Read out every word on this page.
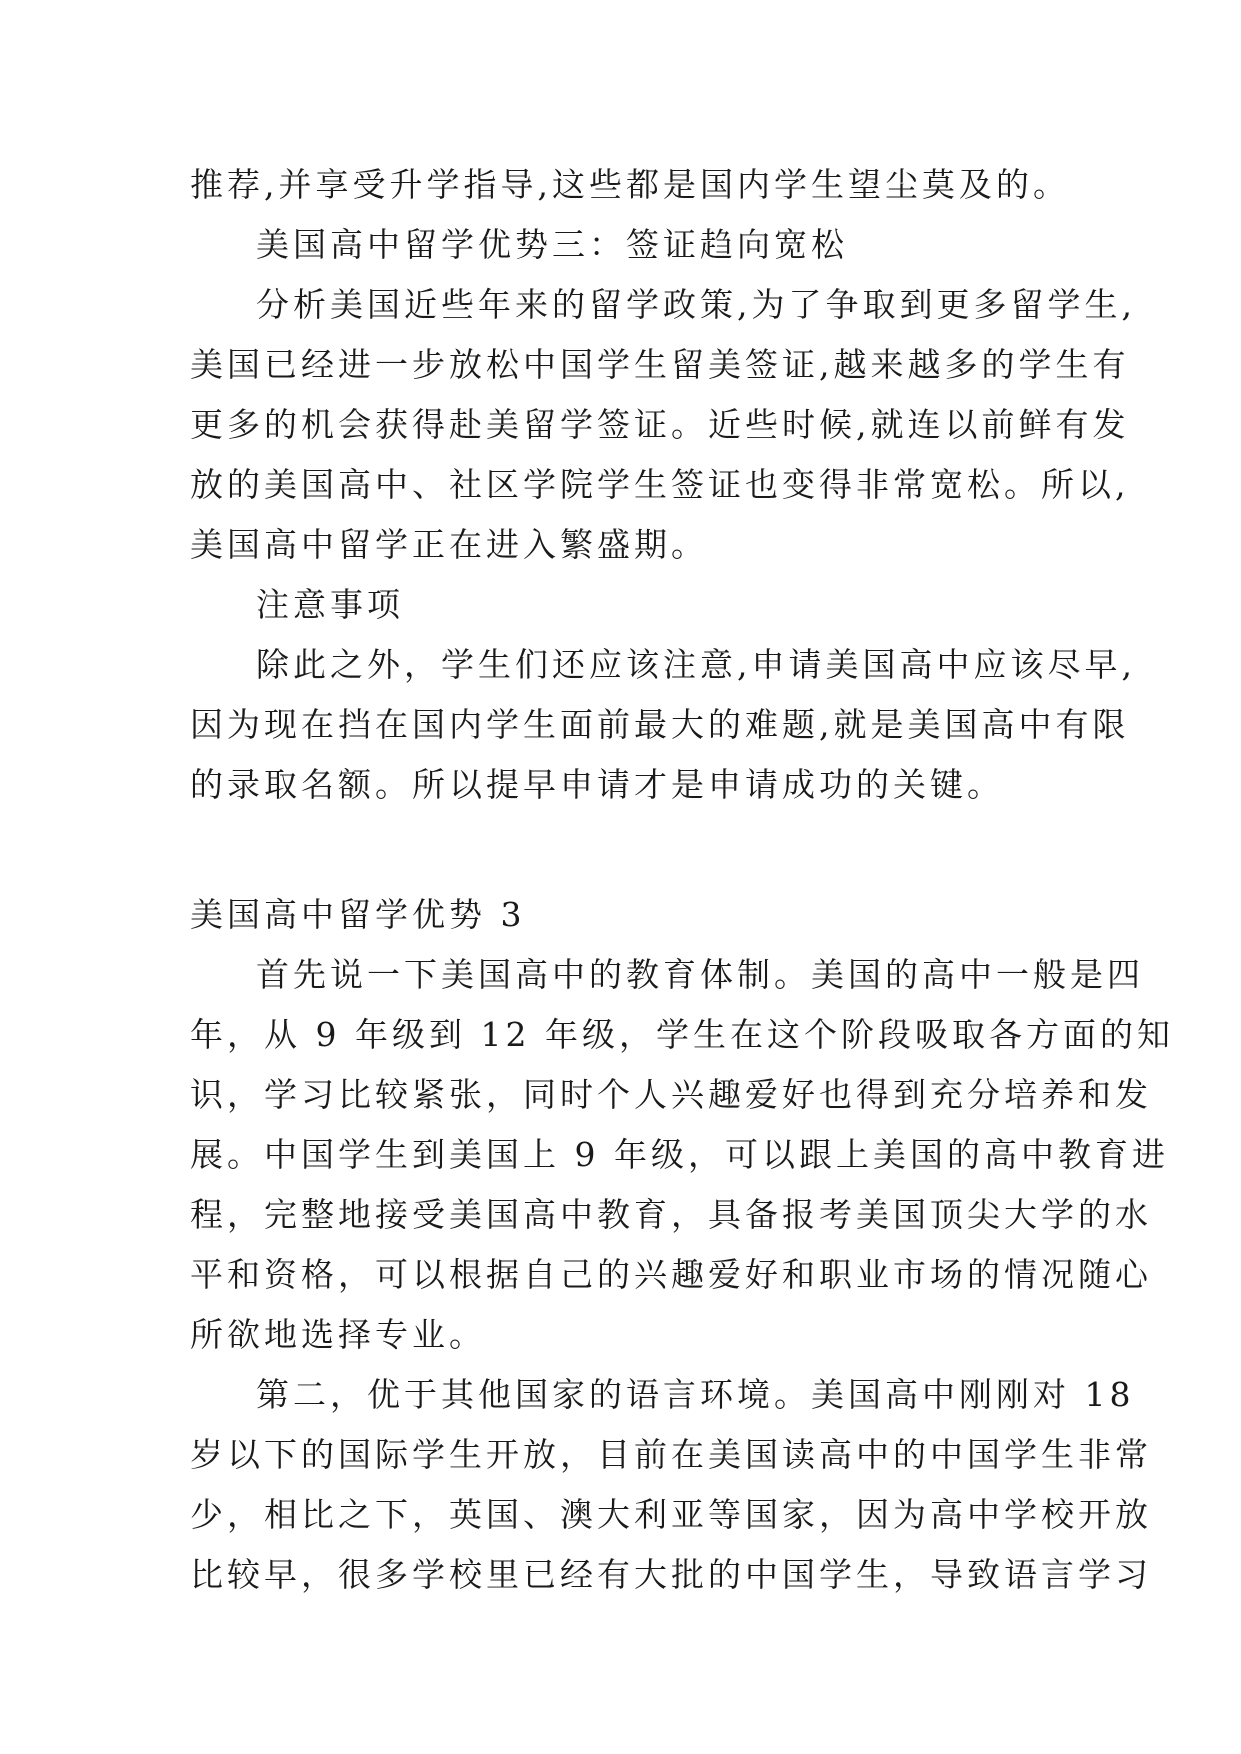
推荐,并享受升学指导,这些都是国内学生望尘莫及的。

美国高中留学优势三：签证趋向宽松

分析美国近些年来的留学政策,为了争取到更多留学生,

美国已经进一步放松中国学生留美签证,越来越多的学生有

更多的机会获得赴美留学签证。近些时候,就连以前鲜有发

放的美国高中、社区学院学生签证也变得非常宽松。所以,

美国高中留学正在进入繁盛期。

注意事项

除此之外，学生们还应该注意,申请美国高中应该尽早,

因为现在挡在国内学生面前最大的难题,就是美国高中有限

的录取名额。所以提早申请才是申请成功的关键。

美国高中留学优势 3

首先说一下美国高中的教育体制。美国的高中一般是四

年，从 9 年级到 12 年级，学生在这个阶段吸取各方面的知

识，学习比较紧张，同时个人兴趣爱好也得到充分培养和发

展。中国学生到美国上 9 年级，可以跟上美国的高中教育进

程，完整地接受美国高中教育，具备报考美国顶尖大学的水

平和资格，可以根据自己的兴趣爱好和职业市场的情况随心

所欲地选择专业。

第二，优于其他国家的语言环境。美国高中刚刚对 18

岁以下的国际学生开放，目前在美国读高中的中国学生非常

少，相比之下，英国、澳大利亚等国家，因为高中学校开放

比较早，很多学校里已经有大批的中国学生，导致语言学习
